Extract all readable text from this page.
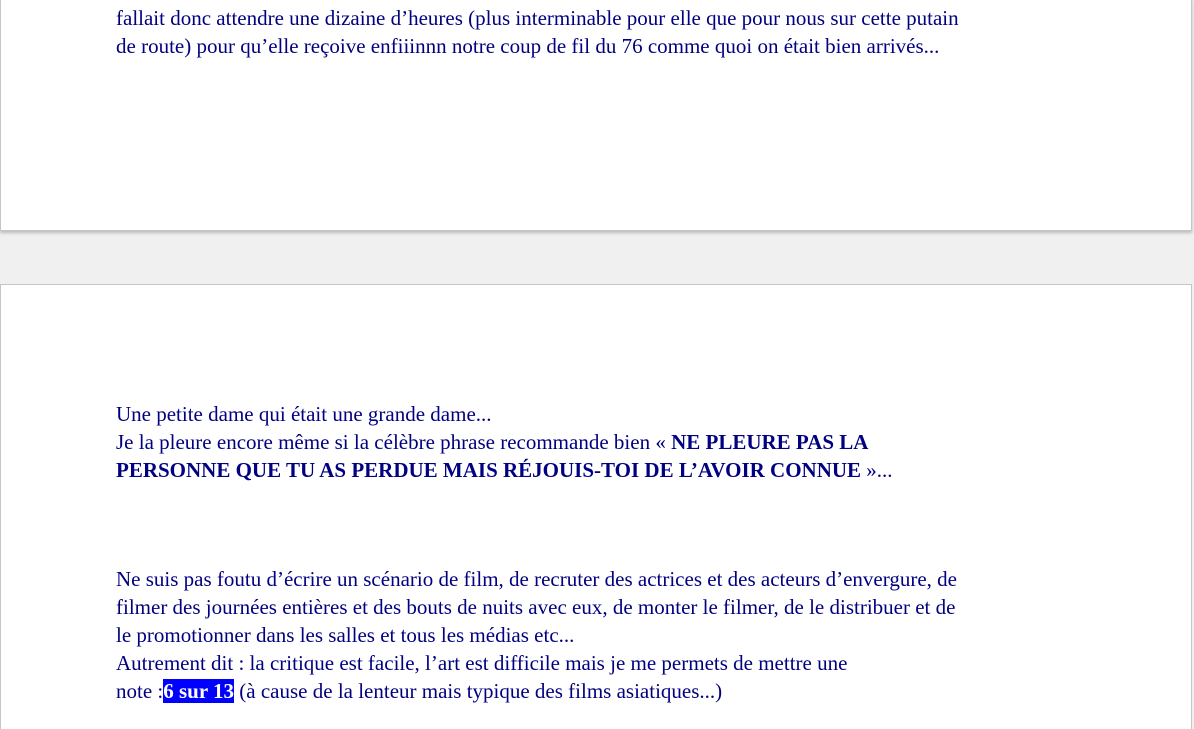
fallait donc attendre une dizaine d’heures (plus interminable pour elle que pour nous sur cette putain
de route) pour qu’elle reçoive enfiiinnn notre coup de fil du 76 comme quoi on était bien arrivés...
Une petite dame qui était une grande dame...
Je la pleure encore même si la célèbre phrase recommande bien « NE PLEURE PAS LA
PERSONNE QUE TU AS PERDUE MAIS RÉJOUIS-TOI DE L’AVOIR CONNUE »...
Ne suis pas foutu d’écrire un scénario de film, de recruter des actrices et des acteurs d’envergure, de
filmer des journées entières et des bouts de nuits avec eux, de monter le filmer, de le distribuer et de
le promotionner dans les salles et tous les médias etc...
Autrement dit : la critique est facile, l’art est difficile mais je me permets de mettre une
note :6 sur 13 (à cause de la lenteur mais typique des films asiatiques...)
